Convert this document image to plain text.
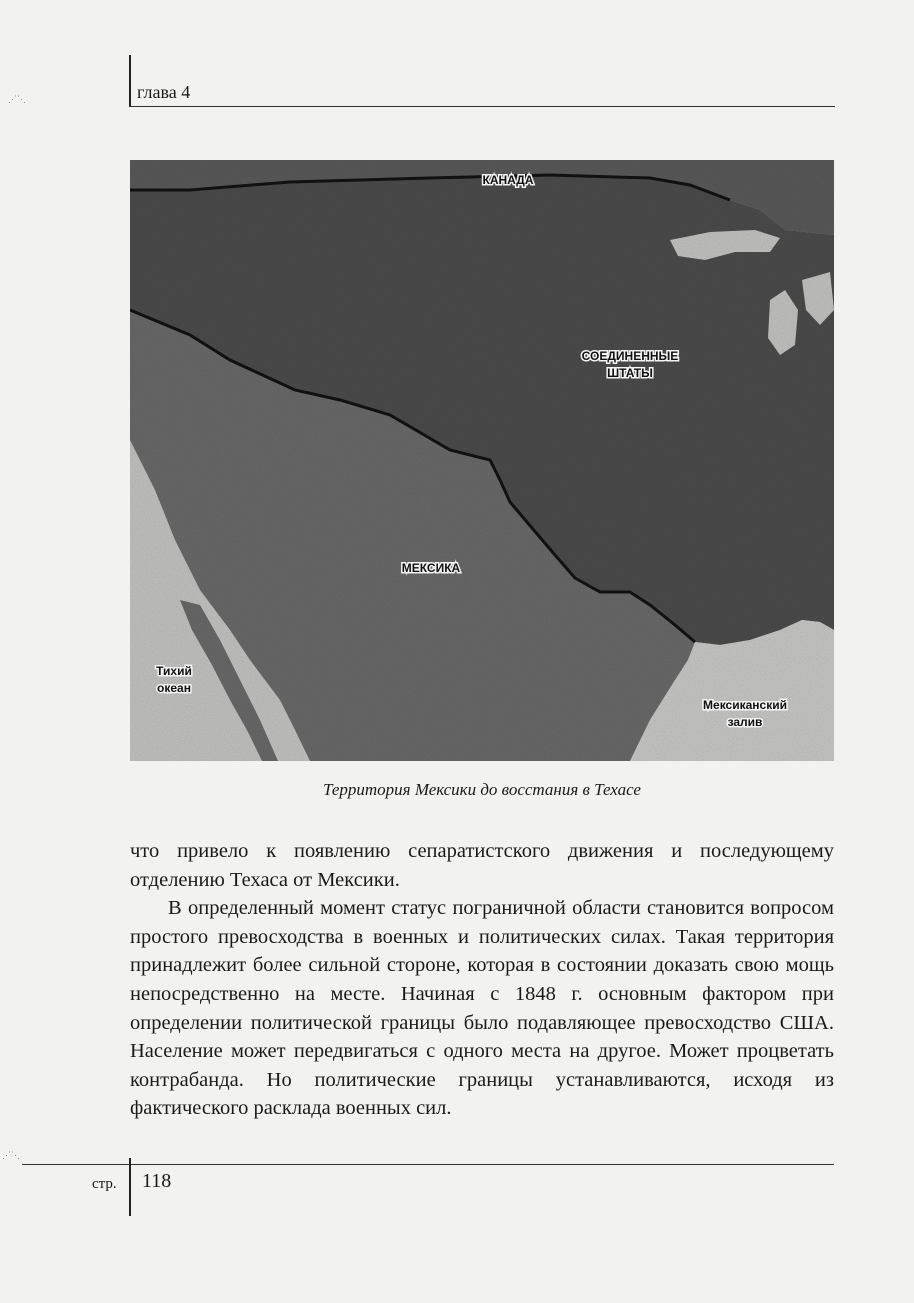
глава 4
⋰⋱
⋰⋱
КАНАДА
СОЕДИНЕННЫЕ
ШТАТЫ
МЕКСИКА
Тихий
океан
Мексиканский
залив
Территория Мексики до восстания в Техасе

что привело к появлению сепаратистского движения и последующему отделению Техаса от Мексики.

В определенный момент статус пограничной области становится вопросом простого превосходства в военных и политических силах. Такая территория принадлежит более сильной стороне, которая в состоянии доказать свою мощь непосредственно на месте. Начиная с 1848 г. основным фактором при определении политической границы было подавляющее превосходство США. Население может передвигаться с одного места на другое. Может процветать контрабанда. Но политические границы устанавливаются, исходя из фактического расклада военных сил.

стр. 118
